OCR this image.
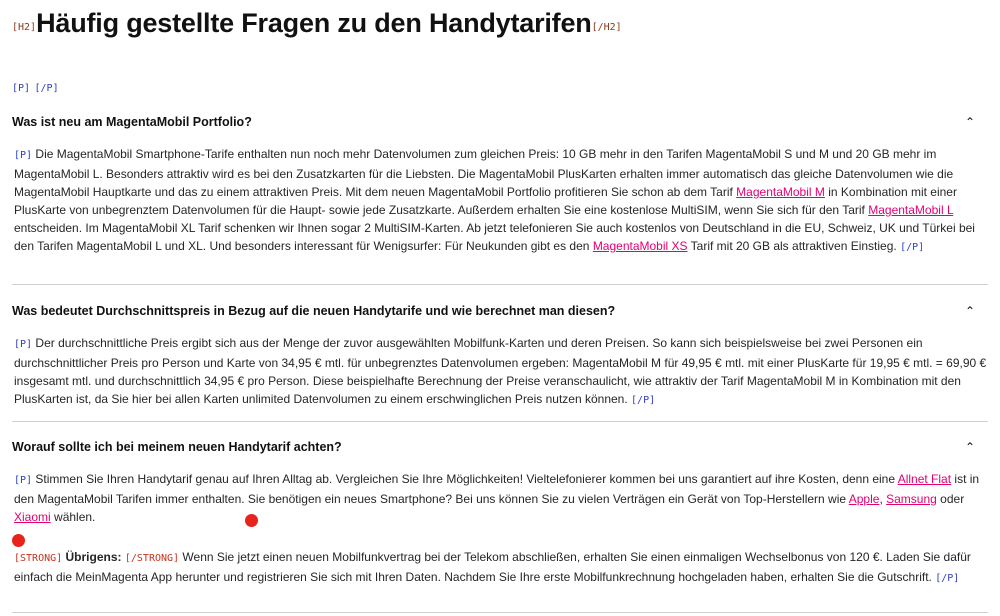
$_{[H2]}$Häufig gestellte Fragen zu den Handytarifen$_{[/H2]}$
[P] [/P]
Was ist neu am MagentaMobil Portfolio?	⌃

[P] Die MagentaMobil Smartphone-Tarife enthalten nun noch mehr Datenvolumen zum gleichen Preis: 10 GB mehr in den Tarifen MagentaMobil S und M und 20 GB mehr im MagentaMobil L. Besonders attraktiv wird es bei den Zusatzkarten für die Liebsten. Die MagentaMobil PlusKarten erhalten immer automatisch das gleiche Datenvolumen wie die MagentaMobil Hauptkarte und das zu einem attraktiven Preis. Mit dem neuen MagentaMobil Portfolio profitieren Sie schon ab dem Tarif MagentaMobil M in Kombination mit einer PlusKarte von unbegrenztem Datenvolumen für die Haupt- sowie jede Zusatzkarte. Außerdem erhalten Sie eine kostenlose MultiSIM, wenn Sie sich für den Tarif MagentaMobil L entscheiden. Im MagentaMobil XL Tarif schenken wir Ihnen sogar 2 MultiSIM-Karten. Ab jetzt telefonieren Sie auch kostenlos von Deutschland in die EU, Schweiz, UK und Türkei bei den Tarifen MagentaMobil L und XL. Und besonders interessant für Wenigsurfer: Für Neukunden gibt es den MagentaMobil XS Tarif mit 20 GB als attraktiven Einstieg. [/P]

Was bedeutet Durchschnittspreis in Bezug auf die neuen Handytarife und wie berechnet man diesen?	⌃

[P] Der durchschnittliche Preis ergibt sich aus der Menge der zuvor ausgewählten Mobilfunk-Karten und deren Preisen. So kann sich beispielsweise bei zwei Personen ein durchschnittlicher Preis pro Person und Karte von 34,95 € mtl. für unbegrenztes Datenvolumen ergeben: MagentaMobil M für 49,95 € mtl. mit einer PlusKarte für 19,95 € mtl. = 69,90 € insgesamt mtl. und durchschnittlich 34,95 € pro Person. Diese beispielhafte Berechnung der Preise veranschaulicht, wie attraktiv der Tarif MagentaMobil M in Kombination mit den PlusKarten ist, da Sie hier bei allen Karten unlimited Datenvolumen zu einem erschwinglichen Preis nutzen können. [/P]

Worauf sollte ich bei meinem neuen Handytarif achten?	⌃

[P] Stimmen Sie Ihren Handytarif genau auf Ihren Alltag ab. Vergleichen Sie Ihre Möglichkeiten! Vieltelefonierer kommen bei uns garantiert auf ihre Kosten, denn eine Allnet Flat ist in den MagentaMobil Tarifen immer enthalten. Sie benötigen ein neues Smartphone? Bei uns können Sie zu vielen Verträgen ein Gerät von Top-Herstellern wie Apple, Samsung oder Xiaomi wählen.

[STRONG] Übrigens: [/STRONG] Wenn Sie jetzt einen neuen Mobilfunkvertrag bei der Telekom abschließen, erhalten Sie einen einmaligen Wechselbonus von 120 €. Laden Sie dafür einfach die MeinMagenta App herunter und registrieren Sie sich mit Ihren Daten. Nachdem Sie Ihre erste Mobilfunkrechnung hochgeladen haben, erhalten Sie die Gutschrift. [/P]
